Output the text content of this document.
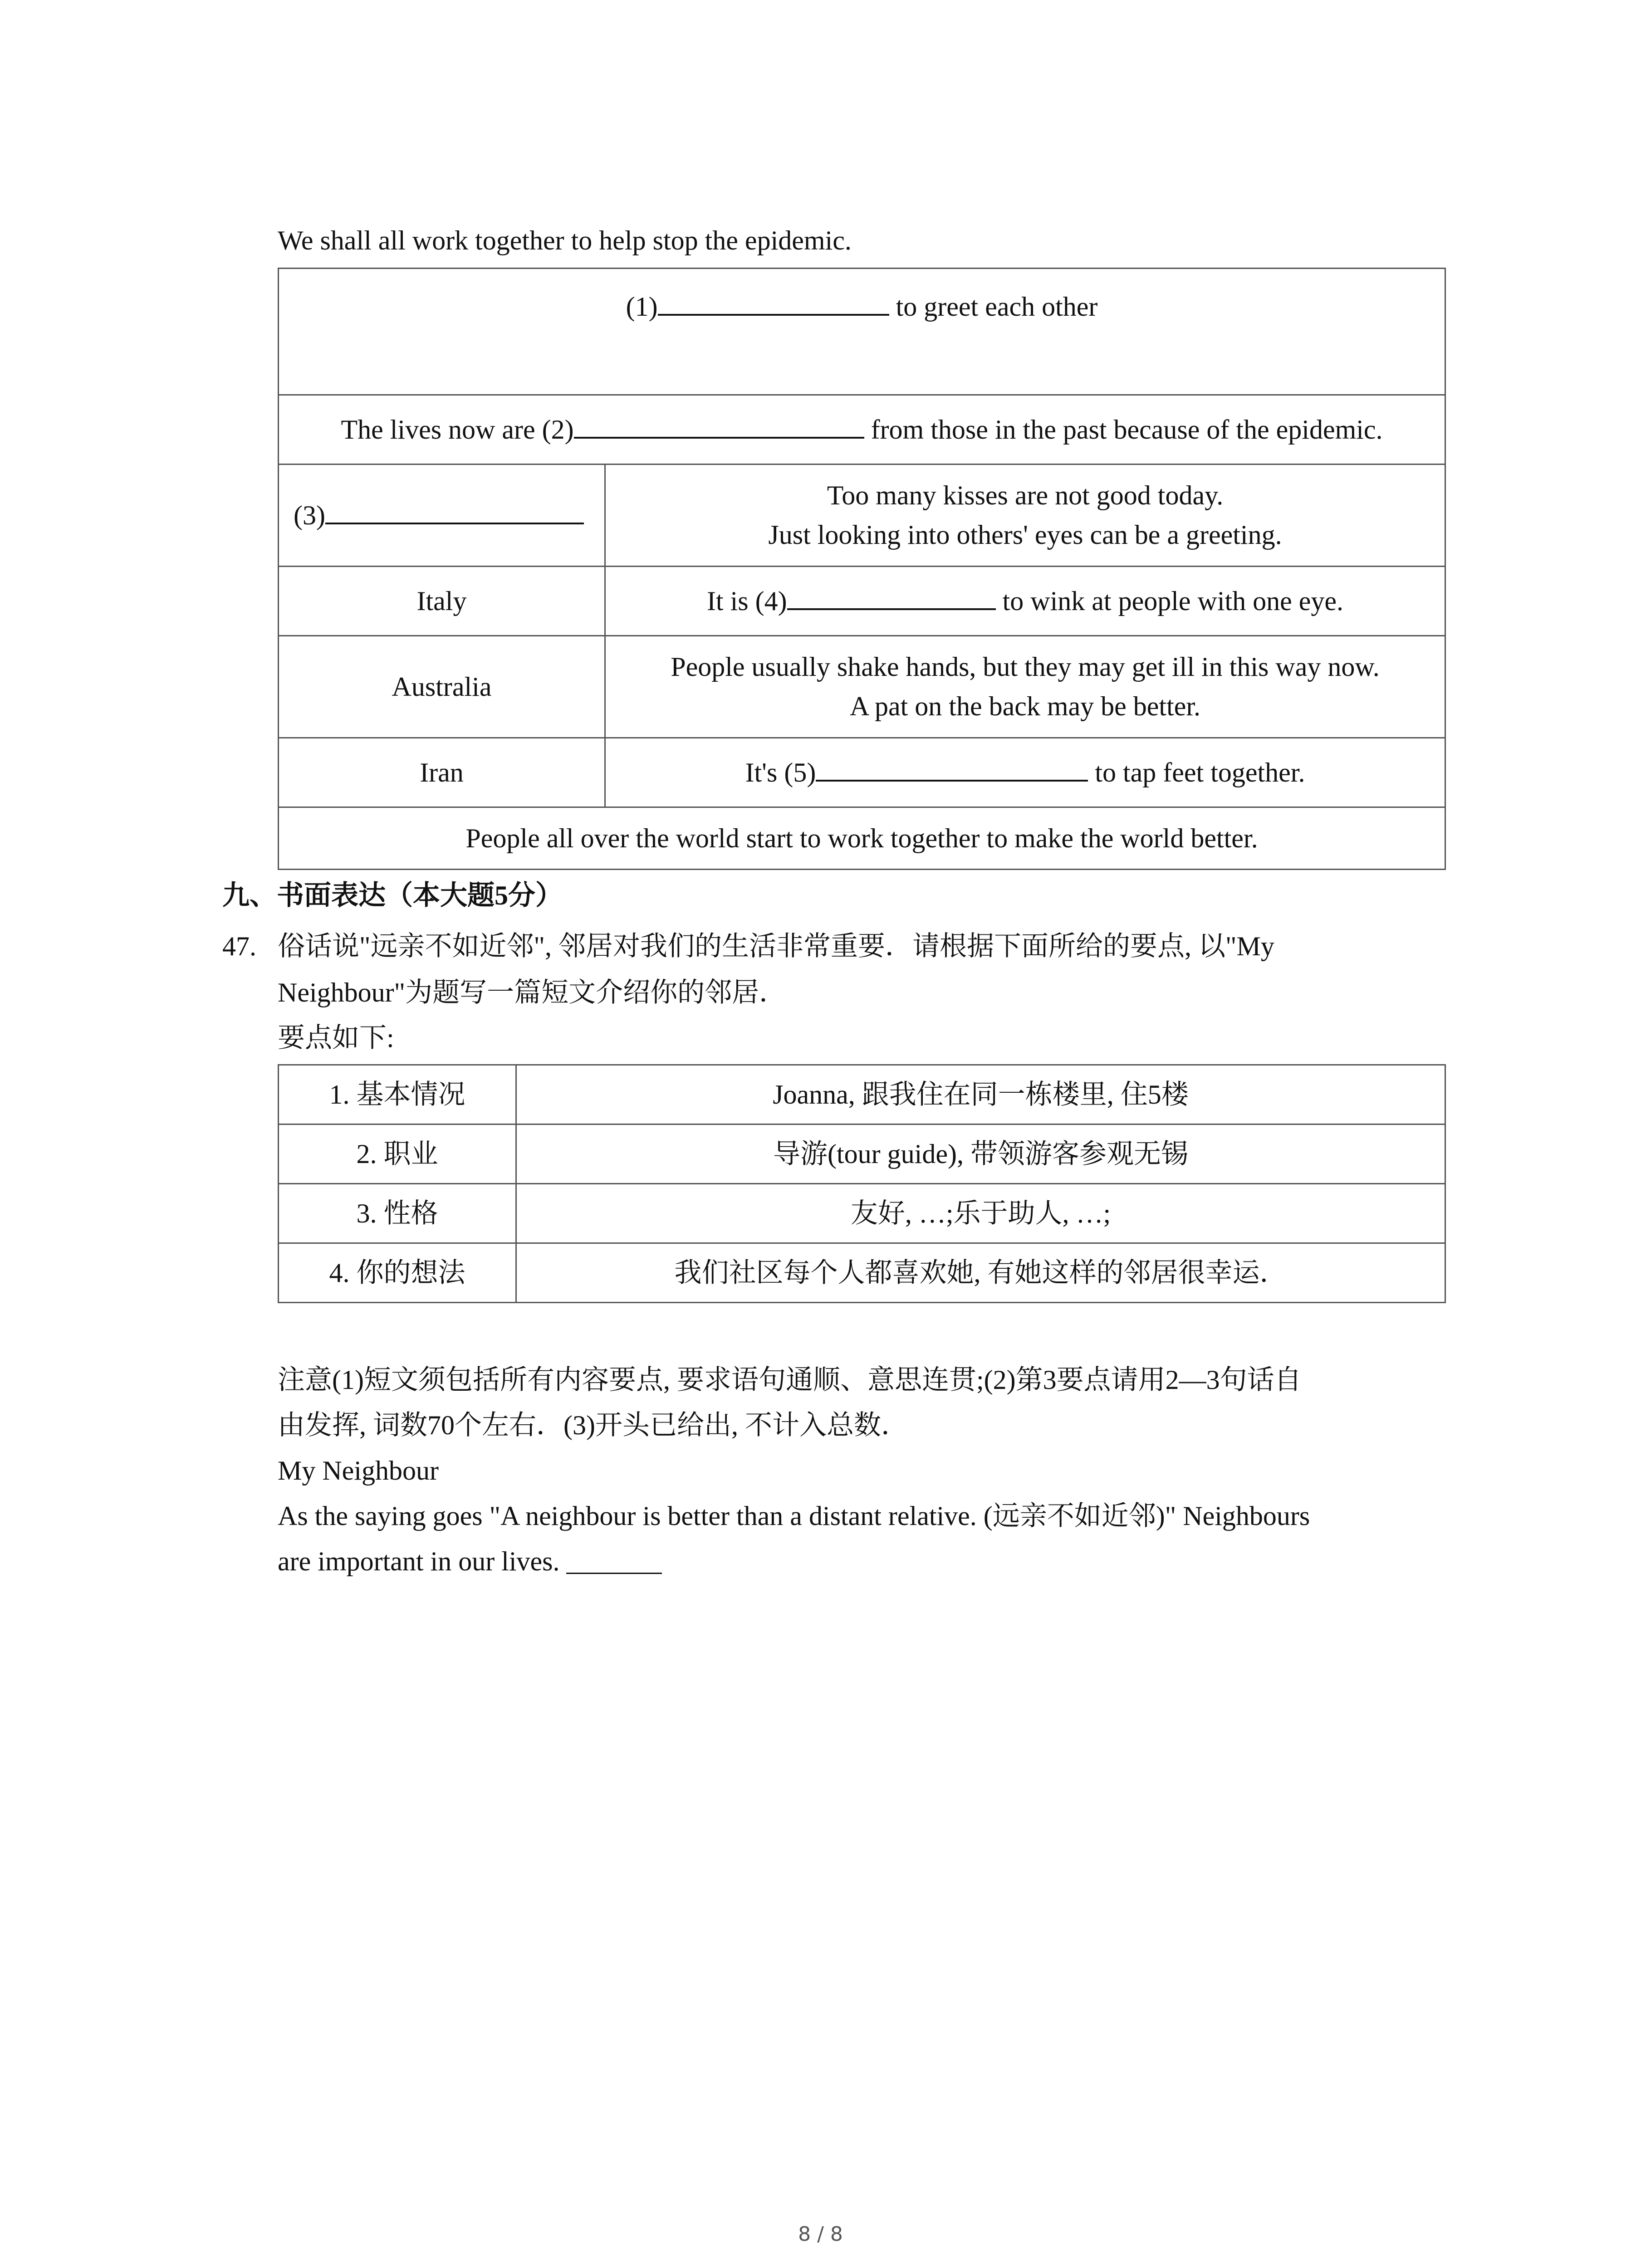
We shall all work together to help stop the epidemic.
(1) to greet each other	
The lives now are (2) from those in the past because of the epidemic.	
(3)	Too many kisses are not good today.
Just looking into others' eyes can be a greeting.

Italy	It is (4) to wink at people with one eye.
Australia	People usually shake hands, but they may get ill in this way now.
A pat on the back may be better.

Iran	It's (5) to tap feet together.
People all over the world start to work together to make the world better.	
九、书面表达（本大题5分）
47. 俗话说"远亲不如近邻", 邻居对我们的生活非常重要．请根据下面所给的要点, 以"My
Neighbour"为题写一篇短文介绍你的邻居．
要点如下:
1. 基本情况	Joanna, 跟我住在同一栋楼里, 住5楼
2. 职业	导游(tour guide), 带领游客参观无锡
3. 性格	友好, …;乐于助人, …;
4. 你的想法	我们社区每个人都喜欢她, 有她这样的邻居很幸运．
注意(1)短文须包括所有内容要点, 要求语句通顺、意思连贯;(2)第3要点请用2—3句话自
由发挥, 词数70个左右．(3)开头已给出, 不计入总数．
My Neighbour
As the saying goes "A neighbour is better than a distant relative. (远亲不如近邻)" Neighbours
are important in our lives. _______
8 / 8
